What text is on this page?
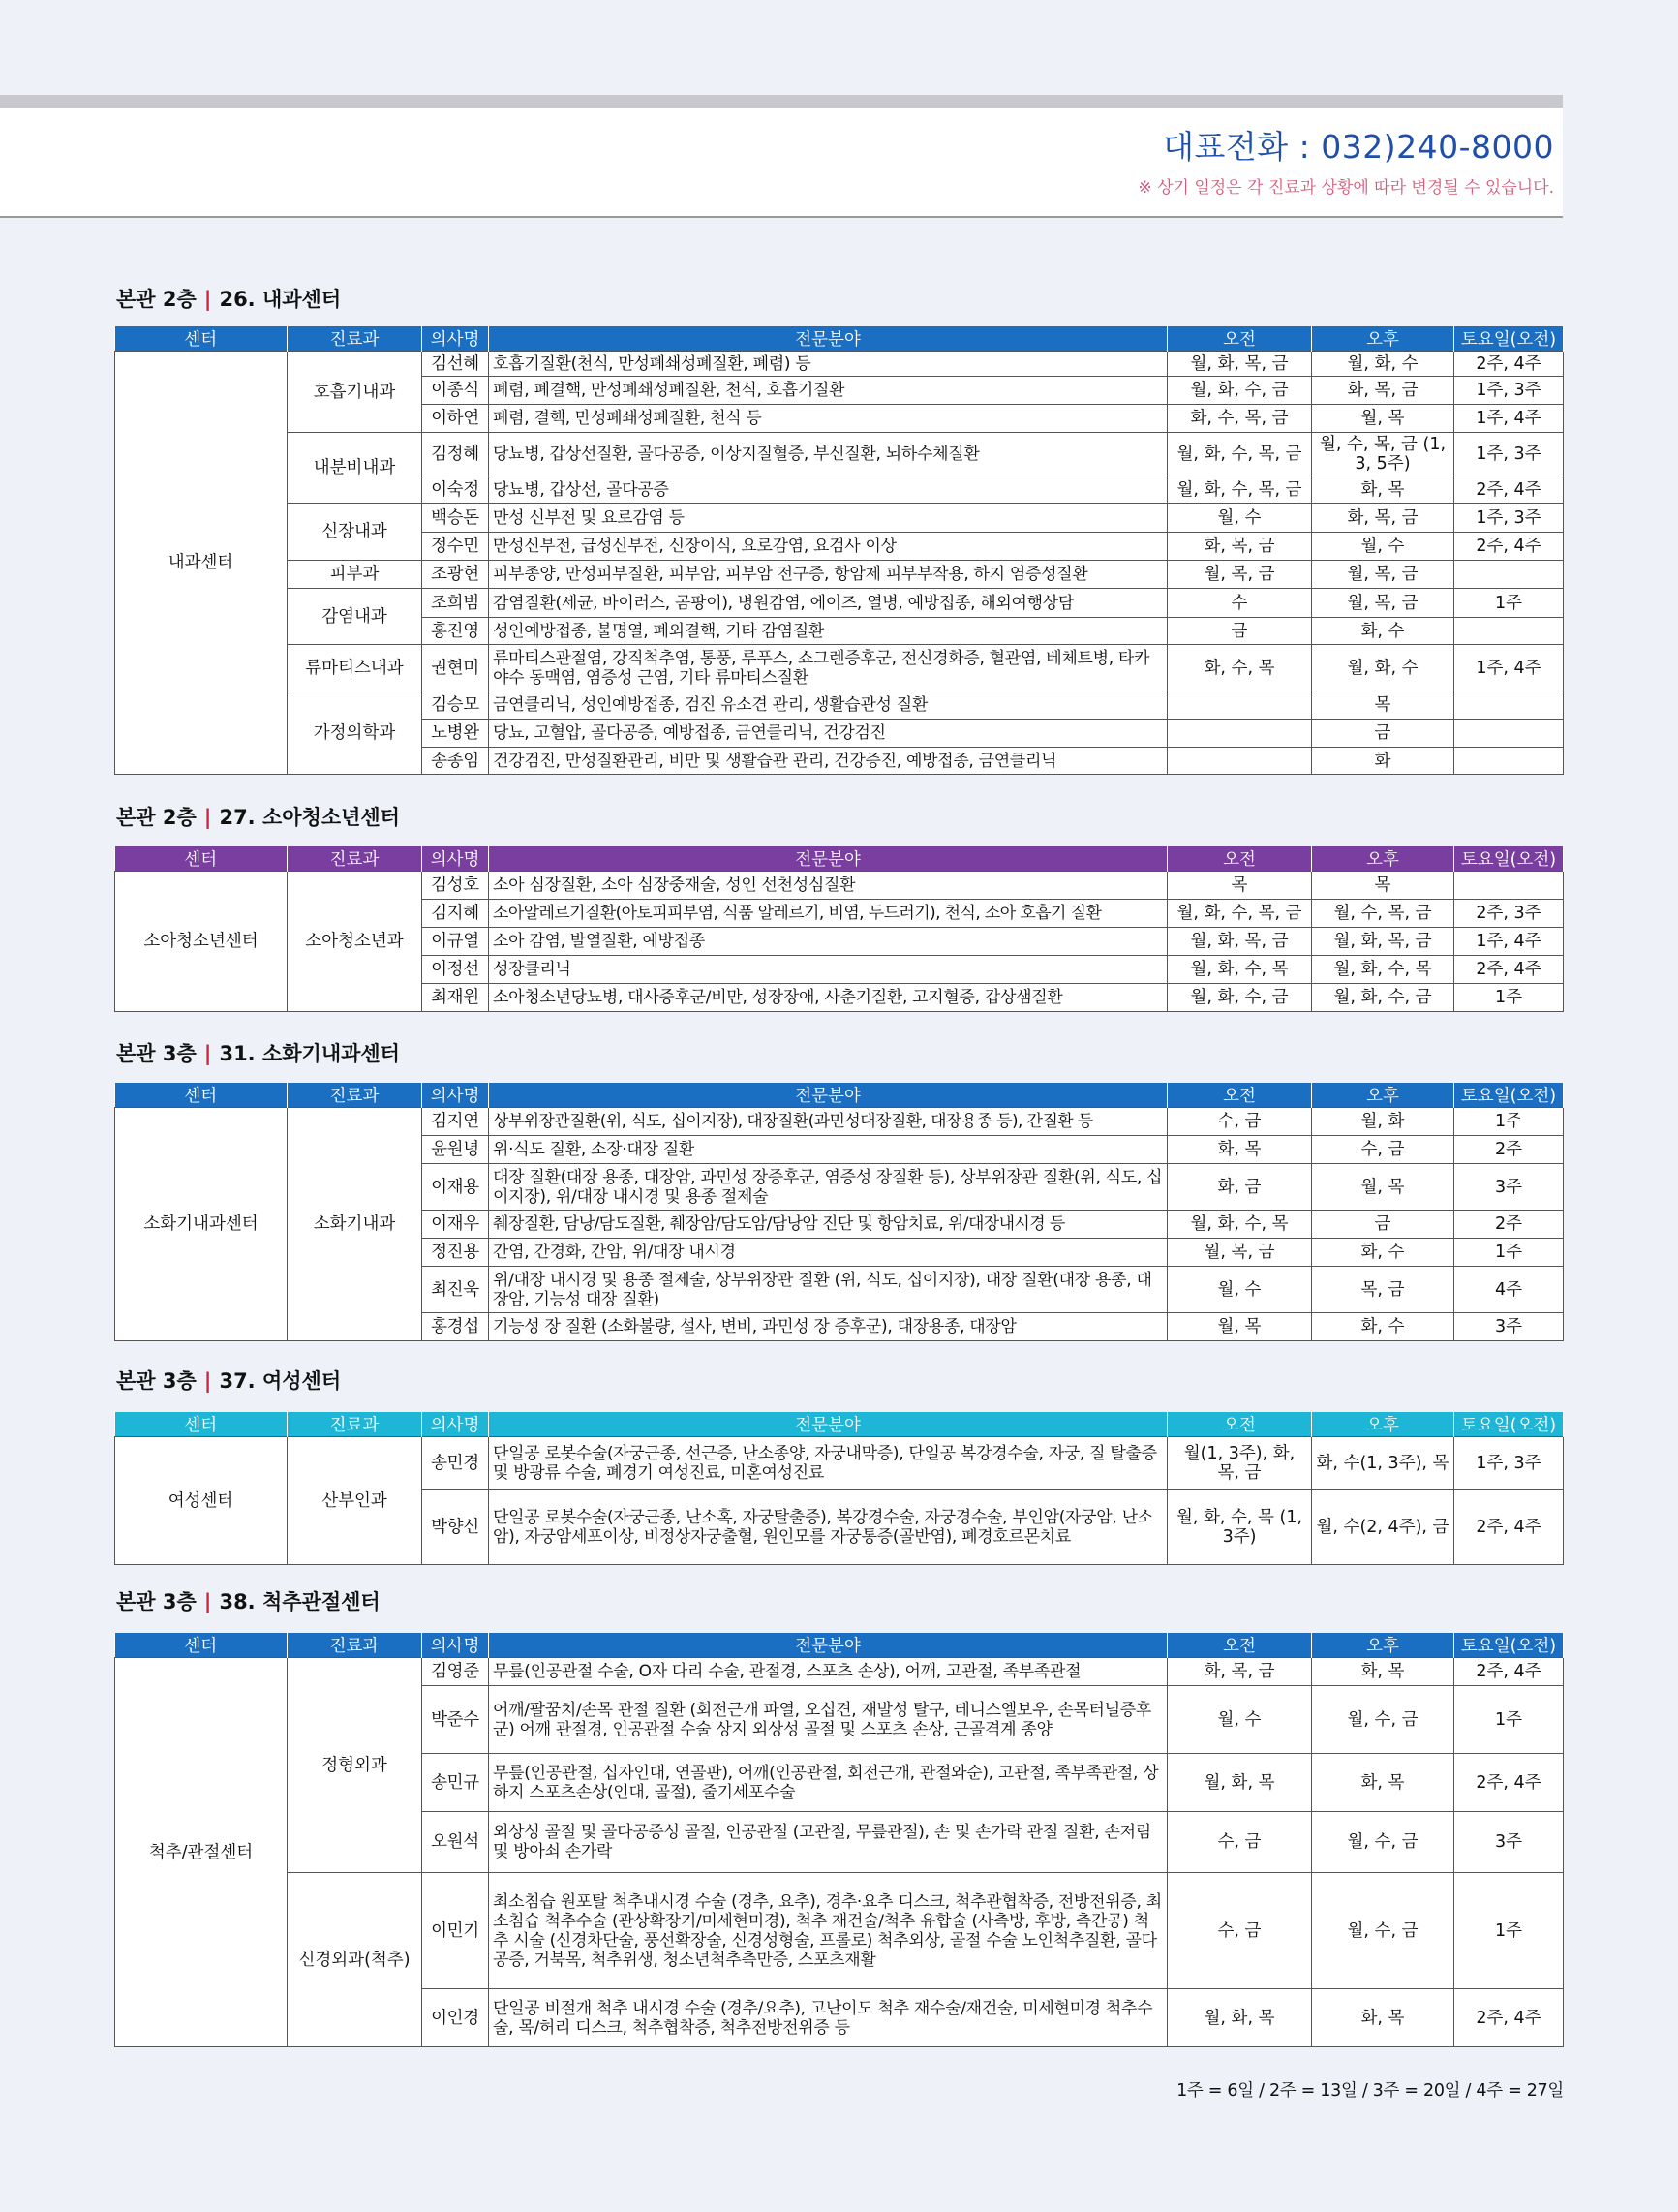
대표전화 : 032)240-8000
※ 상기 일정은 각 진료과 상황에 따라 변경될 수 있습니다.
본관 2층 | 26. 내과센터
센터	진료과	의사명	전문분야	오전	오후	토요일(오전)
내과센터	호흡기내과	김선혜	호흡기질환(천식, 만성폐쇄성폐질환, 폐렴) 등	월, 화, 목, 금	월, 화, 수	2주, 4주
		이종식	폐렴, 폐결핵, 만성폐쇄성폐질환, 천식, 호흡기질환	월, 화, 수, 금	화, 목, 금	1주, 3주
		이하연	폐렴, 결핵, 만성폐쇄성폐질환, 천식 등	화, 수, 목, 금	월, 목	1주, 4주
	내분비내과	김정혜	당뇨병, 갑상선질환, 골다공증, 이상지질혈증, 부신질환, 뇌하수체질환	월, 화, 수, 목, 금	월, 수, 목, 금 (1, 3, 5주)	1주, 3주
		이숙정	당뇨병, 갑상선, 골다공증	월, 화, 수, 목, 금	화, 목	2주, 4주
	신장내과	백승돈	만성 신부전 및 요로감염 등	월, 수	화, 목, 금	1주, 3주
		정수민	만성신부전, 급성신부전, 신장이식, 요로감염, 요검사 이상	화, 목, 금	월, 수	2주, 4주
	피부과	조광현	피부종양, 만성피부질환, 피부암, 피부암 전구증, 항암제 피부부작용, 하지 염증성질환	월, 목, 금	월, 목, 금	
	감염내과	조희범	감염질환(세균, 바이러스, 곰팡이), 병원감염, 에이즈, 열병, 예방접종, 해외여행상담	수	월, 목, 금	1주
		홍진영	성인예방접종, 불명열, 폐외결핵, 기타 감염질환	금	화, 수	
	류마티스내과	권현미	류마티스관절염, 강직척추염, 통풍, 루푸스, 쇼그렌증후군, 전신경화증, 혈관염, 베체트병, 타카야수 동맥염, 염증성 근염, 기타 류마티스질환	화, 수, 목	월, 화, 수	1주, 4주
	가정의학과	김승모	금연클리닉, 성인예방접종, 검진 유소견 관리, 생활습관성 질환		목	
		노병완	당뇨, 고혈압, 골다공증, 예방접종, 금연클리닉, 건강검진		금	
		송종임	건강검진, 만성질환관리, 비만 및 생활습관 관리, 건강증진, 예방접종, 금연클리닉		화	
본관 2층 | 27. 소아청소년센터
센터	진료과	의사명	전문분야	오전	오후	토요일(오전)
소아청소년센터	소아청소년과	김성호	소아 심장질환, 소아 심장중재술, 성인 선천성심질환	목	목	
		김지혜	소아알레르기질환(아토피피부염, 식품 알레르기, 비염, 두드러기), 천식, 소아 호흡기 질환	월, 화, 수, 목, 금	월, 수, 목, 금	2주, 3주
		이규열	소아 감염, 발열질환, 예방접종	월, 화, 목, 금	월, 화, 목, 금	1주, 4주
		이정선	성장클리닉	월, 화, 수, 목	월, 화, 수, 목	2주, 4주
		최재원	소아청소년당뇨병, 대사증후군/비만, 성장장애, 사춘기질환, 고지혈증, 갑상샘질환	월, 화, 수, 금	월, 화, 수, 금	1주
본관 3층 | 31. 소화기내과센터
센터	진료과	의사명	전문분야	오전	오후	토요일(오전)
소화기내과센터	소화기내과	김지연	상부위장관질환(위, 식도, 십이지장), 대장질환(과민성대장질환, 대장용종 등), 간질환 등	수, 금	월, 화	1주
		윤원녕	위·식도 질환, 소장·대장 질환	화, 목	수, 금	2주
		이재용	대장 질환(대장 용종, 대장암, 과민성 장증후군, 염증성 장질환 등), 상부위장관 질환(위, 식도, 십이지장), 위/대장 내시경 및 용종 절제술	화, 금	월, 목	3주
		이재우	췌장질환, 담낭/담도질환, 췌장암/담도암/담낭암 진단 및 항암치료, 위/대장내시경 등	월, 화, 수, 목	금	2주
		정진용	간염, 간경화, 간암, 위/대장 내시경	월, 목, 금	화, 수	1주
		최진욱	위/대장 내시경 및 용종 절제술, 상부위장관 질환 (위, 식도, 십이지장), 대장 질환(대장 용종, 대장암, 기능성 대장 질환)	월, 수	목, 금	4주
		홍경섭	기능성 장 질환 (소화불량, 설사, 변비, 과민성 장 증후군), 대장용종, 대장암	월, 목	화, 수	3주
본관 3층 | 37. 여성센터
센터	진료과	의사명	전문분야	오전	오후	토요일(오전)
여성센터	산부인과	송민경	단일공 로봇수술(자궁근종, 선근증, 난소종양, 자궁내막증), 단일공 복강경수술, 자궁, 질 탈출증 및 방광류 수술, 폐경기 여성진료, 미혼여성진료	월(1, 3주), 화, 목, 금	화, 수(1, 3주), 목	1주, 3주
		박향신	단일공 로봇수술(자궁근종, 난소혹, 자궁탈출증), 복강경수술, 자궁경수술, 부인암(자궁암, 난소암), 자궁암세포이상, 비정상자궁출혈, 원인모를 자궁통증(골반염), 폐경호르몬치료	월, 화, 수, 목 (1, 3주)	월, 수(2, 4주), 금	2주, 4주
본관 3층 | 38. 척추관절센터
센터	진료과	의사명	전문분야	오전	오후	토요일(오전)
척추/관절센터	정형외과	김영준	무릎(인공관절 수술, O자 다리 수술, 관절경, 스포츠 손상), 어깨, 고관절, 족부족관절	화, 목, 금	화, 목	2주, 4주
		박준수	어깨/팔꿈치/손목 관절 질환 (회전근개 파열, 오십견, 재발성 탈구, 테니스엘보우, 손목터널증후군) 어깨 관절경, 인공관절 수술 상지 외상성 골절 및 스포츠 손상, 근골격계 종양	월, 수	월, 수, 금	1주
		송민규	무릎(인공관절, 십자인대, 연골판), 어깨(인공관절, 회전근개, 관절와순), 고관절, 족부족관절, 상하지 스포츠손상(인대, 골절), 줄기세포수술	월, 화, 목	화, 목	2주, 4주
		오원석	외상성 골절 및 골다공증성 골절, 인공관절 (고관절, 무릎관절), 손 및 손가락 관절 질환, 손저림 및 방아쇠 손가락	수, 금	월, 수, 금	3주
	신경외과(척추)	이민기	최소침습 원포탈 척추내시경 수술 (경추, 요추), 경추·요추 디스크, 척추관협착증, 전방전위증, 최소침습 척추수술 (관상확장기/미세현미경), 척추 재건술/척추 유합술 (사측방, 후방, 측간공) 척추 시술 (신경차단술, 풍선확장술, 신경성형술, 프롤로) 척추외상, 골절 수술 노인척추질환, 골다공증, 거북목, 척추위생, 청소년척추측만증, 스포츠재활	수, 금	월, 수, 금	1주
		이인경	단일공 비절개 척추 내시경 수술 (경추/요추), 고난이도 척추 재수술/재건술, 미세현미경 척추수술, 목/허리 디스크, 척추협착증, 척추전방전위증 등	월, 화, 목	화, 목	2주, 4주
1주 = 6일 / 2주 = 13일 / 3주 = 20일 / 4주 = 27일
